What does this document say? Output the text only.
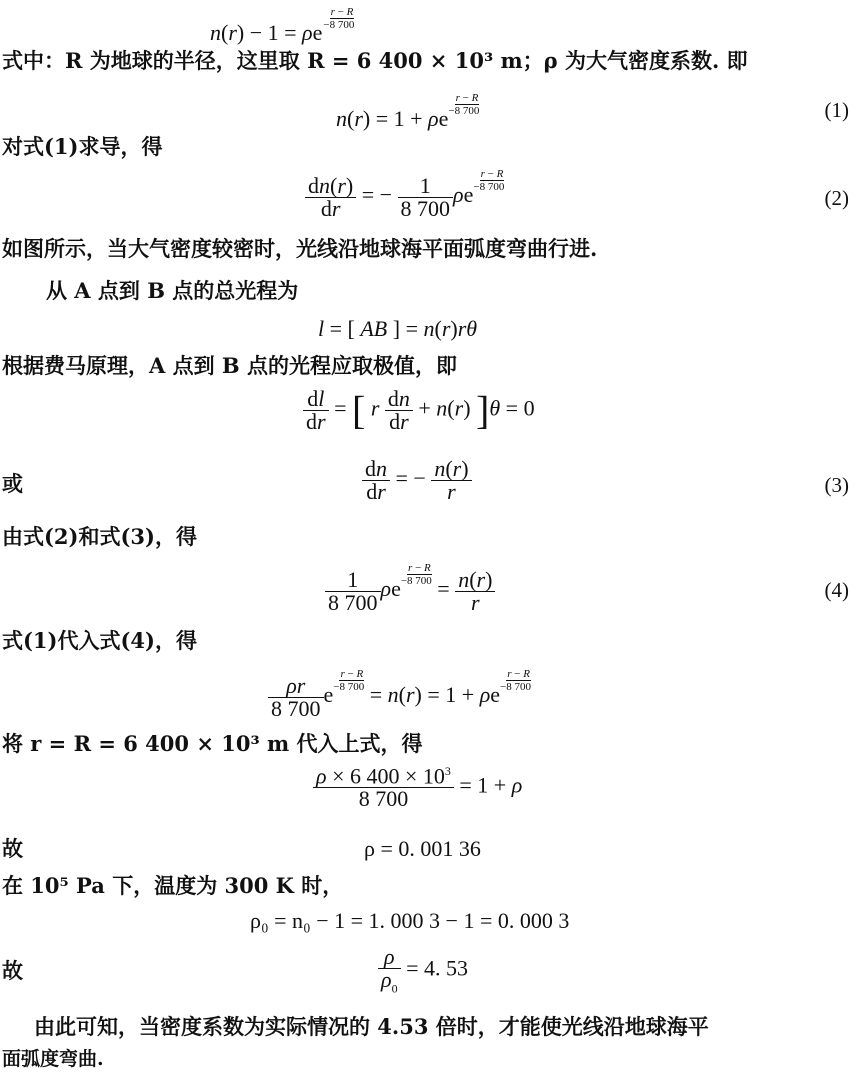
$n(r) - 1 = \rho e- \frac{r - R}{8 700}$
式中：R 为地球的半径，这里取 R = 6 400 × 10³ m；ρ 为大气密度系数. 即
$n(r) = 1 + \rho e- \frac{r - R}{8 700}$	(1)
对式(1)求导，得
$\frac{dn(r)}{dr}$ = − $\frac{1}{8 700} \rho e- \frac{r - R}{8 700}$
(2)
如图所示，当大气密度较密时，光线沿地球海平面弧度弯曲行进.
从 A 点到 B 点的总光程为
l = [ AB ] = n(r)rθ
根据费马原理，A 点到 B 点的光程应取极值，即
$\frac{dl}{dr}$ = [ r $\frac{dn}{dr} + n(r) ]\theta = 0$
或	$\frac{dn}{dr}$ = − $\frac{n(r)}{r}$	(3)
由式(2)和式(3)，得
$\frac{1}{8 700} \rho e- \frac{r - R}{8 700}$
= $\frac{n(r)}{r}$	(4)
式(1)代入式(4)，得
$\frac{\rho r}{8 700} e- \frac{r - R}{8 700}$
= $n(r) = 1 + \rho e- \frac{r - R}{8 700}$
将 r = R = 6 400 × 10³ m 代入上式，得
$\frac{\rho \times 6 400 \times 10^3}{8 700} = 1 + \rho$
故	ρ = 0. 001 36
在 10⁵ Pa 下，温度为 300 K 时，
ρ₀ = n₀ − 1 = 1. 000 3 − 1 = 0. 000 3
故	$\frac{\rho}{\rho_0} = 4$. 53
由此可知，当密度系数为实际情况的 4.53 倍时，才能使光线沿地球海平
面弧度弯曲.
